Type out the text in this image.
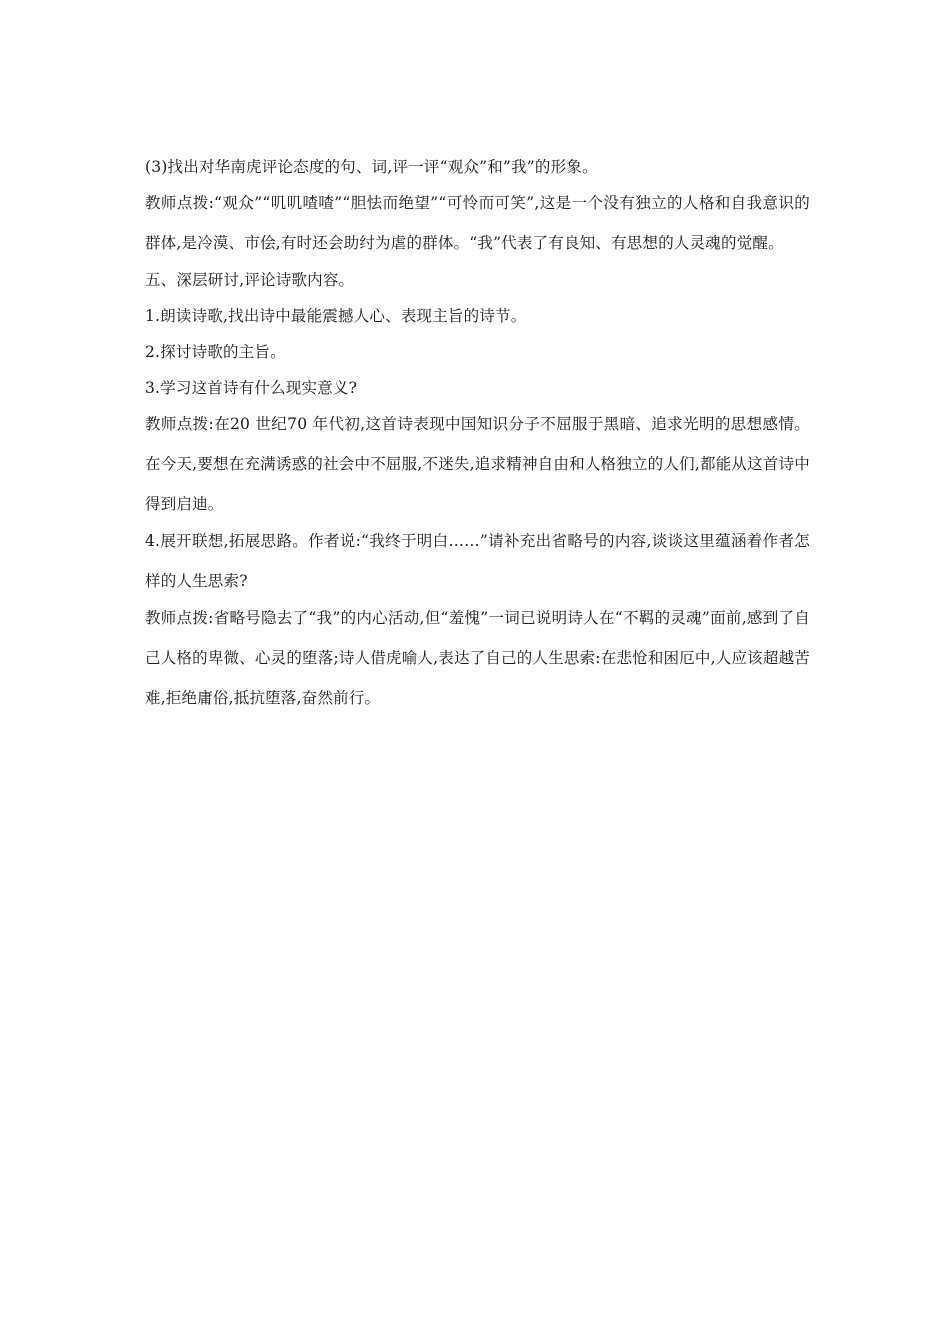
(3)找出对华南虎评论态度的句、词,评一评“观众”和”我”的形象。

教师点拨:“观众”“叽叽喳喳”“胆怯而绝望”“可怜而可笑”,这是一个没有独立的人格和自我意识的群体,是冷漠、市侩,有时还会助纣为虐的群体。“我”代表了有良知、有思想的人灵魂的觉醒。

五、深层研讨,评论诗歌内容。

1.朗读诗歌,找出诗中最能震撼人心、表现主旨的诗节。

2.探讨诗歌的主旨。

3.学习这首诗有什么现实意义?

教师点拨:在20 世纪70 年代初,这首诗表现中国知识分子不屈服于黑暗、追求光明的思想感情。在今天,要想在充满诱惑的社会中不屈服,不迷失,追求精神自由和人格独立的人们,都能从这首诗中得到启迪。

4.展开联想,拓展思路。作者说:“我终于明白……”请补充出省略号的内容,谈谈这里蕴涵着作者怎样的人生思索?

教师点拨:省略号隐去了“我”的内心活动,但“羞愧”一词已说明诗人在“不羁的灵魂”面前,感到了自己人格的卑微、心灵的堕落;诗人借虎喻人,表达了自己的人生思索:在悲怆和困厄中,人应该超越苦难,拒绝庸俗,抵抗堕落,奋然前行。
